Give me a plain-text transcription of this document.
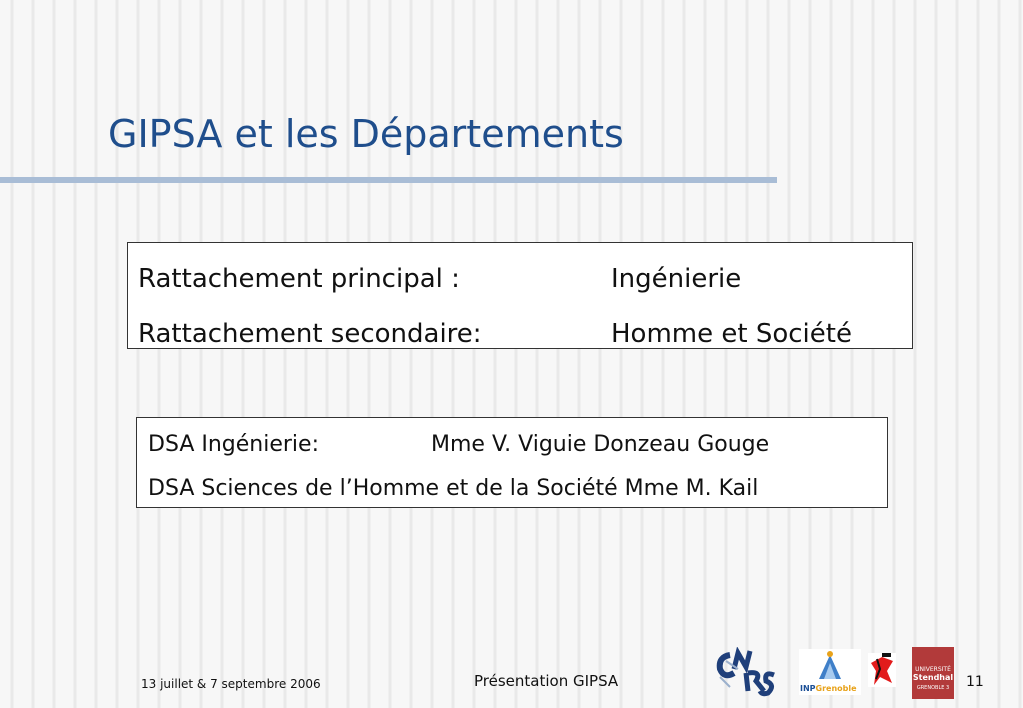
GIPSA et les Départements
Rattachement principal :	Ingénierie
Rattachement secondaire:	Homme et Société
DSA Ingénierie:	Mme V. Viguie Donzeau Gouge
DSA Sciences de l’Homme et de la Société Mme M. Kail
13 juillet & 7 septembre 2006	Présentation GIPSA	11
INPGrenoble
UNIVERSITÉ
Stendhal
GRENOBLE 3
